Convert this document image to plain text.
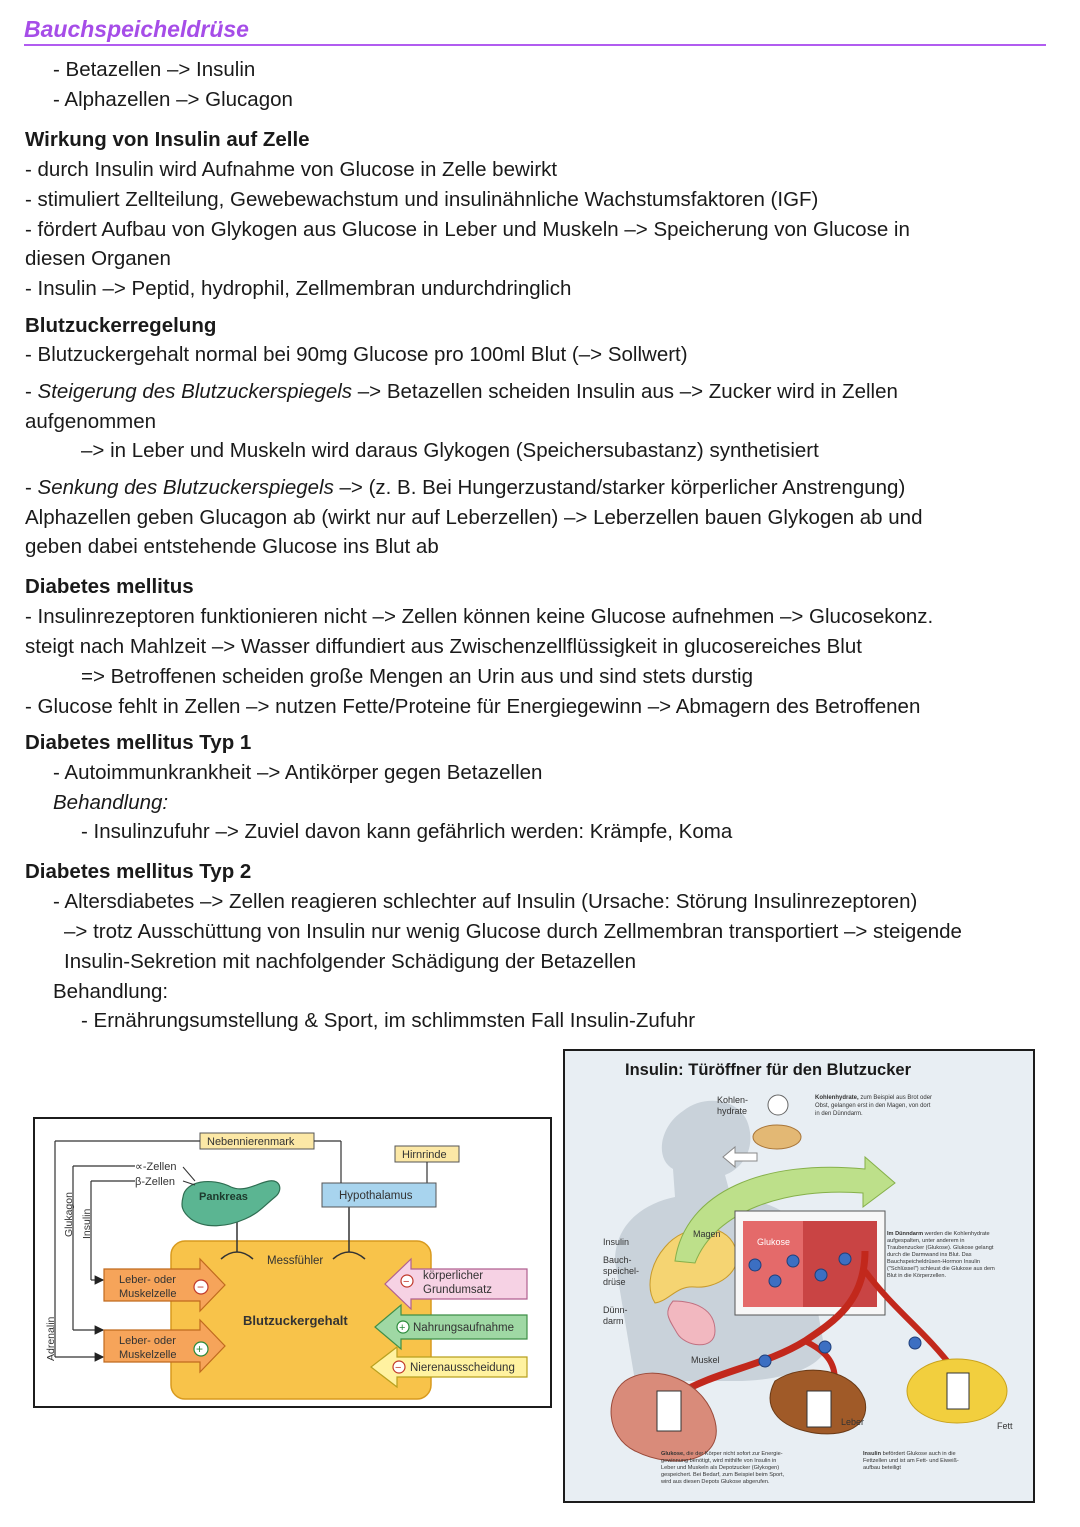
Bauchspeicheldrüse
- Betazellen –> Insulin
- Alphazellen –> Glucagon
Wirkung von Insulin auf Zelle
- durch Insulin wird Aufnahme von Glucose in Zelle bewirkt
- stimuliert Zellteilung, Gewebewachstum und insulinähnliche Wachstumsfaktoren (IGF)
- fördert Aufbau von Glykogen aus Glucose in Leber und Muskeln –> Speicherung von Glucose in
diesen Organen
- Insulin –> Peptid, hydrophil, Zellmembran undurchdringlich
Blutzuckerregelung
- Blutzuckergehalt normal bei 90mg Glucose pro 100ml Blut (–> Sollwert)
- Steigerung des Blutzuckerspiegels –> Betazellen scheiden Insulin aus –> Zucker wird in Zellen
aufgenommen
–> in Leber und Muskeln wird daraus Glykogen (Speichersubastanz) synthetisiert
- Senkung des Blutzuckerspiegels –> (z. B. Bei Hungerzustand/starker körperlicher Anstrengung)
Alphazellen geben Glucagon ab (wirkt nur auf Leberzellen) –> Leberzellen bauen Glykogen ab und
geben dabei entstehende Glucose ins Blut ab
Diabetes mellitus
- Insulinrezeptoren funktionieren nicht –> Zellen können keine Glucose aufnehmen –> Glucosekonz.
steigt nach Mahlzeit –> Wasser diffundiert aus Zwischenzellflüssigkeit in glucosereiches Blut
=> Betroffenen scheiden große Mengen an Urin aus und sind stets durstig
- Glucose fehlt in Zellen –> nutzen Fette/Proteine für Energiegewinn –> Abmagern des Betroffenen
Diabetes mellitus Typ 1
- Autoimmunkrankheit –> Antikörper gegen Betazellen
Behandlung:
- Insulinzufuhr –> Zuviel davon kann gefährlich werden: Krämpfe, Koma
Diabetes mellitus Typ 2
- Altersdiabetes –> Zellen reagieren schlechter auf Insulin (Ursache: Störung Insulinrezeptoren)
–> trotz Ausschüttung von Insulin nur wenig Glucose durch Zellmembran transportiert –> steigende
Insulin-Sekretion mit nachfolgender Schädigung der Betazellen
Behandlung:
- Ernährungsumstellung & Sport, im schlimmsten Fall Insulin-Zufuhr
Messfühler
Blutzuckergehalt
Nebennierenmark
Hirnrinde
Hypothalamus
Pankreas
∝-Zellen
β-Zellen
Glukagon Insulin
Adrenalin
Leber- oder
Muskelzelle −
Leber- oder
Muskelzelle +
− körperlicher
Grundumsatz
+ Nahrungsaufnahme
− Nierenausscheidung
Insulin: Türöffner für den Blutzucker
Kohlen-
hydrate
Kohlenhydrate, zum Beispiel aus Brot oder
Obst, gelangen erst in den Magen, von dort
in den Dünndarm.
Glukose
Magen
Insulin
Bauch-
speichel-
drüse
Dünn-
darm
Im Dünndarm werden die Kohlenhydrate
aufgespalten, unter anderem in
Traubenzucker (Glukose). Glukose gelangt
durch die Darmwand ins Blut. Das
Bauchspeicheldrüsen-Hormon Insulin
("Schlüssel") schleust die Glukose aus dem
Blut in die Körperzellen.
Muskel
Leber	Fett
Glukose, die der Körper nicht sofort zur Energie-
gewinnung benötigt, wird mithilfe von Insulin in
Leber und Muskeln als Depotzucker (Glykogen)
gespeichert. Bei Bedarf, zum Beispiel beim Sport,
wird aus diesen Depots Glukose abgerufen.
Insulin befördert Glukose auch in die
Fettzellen und ist am Fett- und Eiweiß-
aufbau beteiligt
